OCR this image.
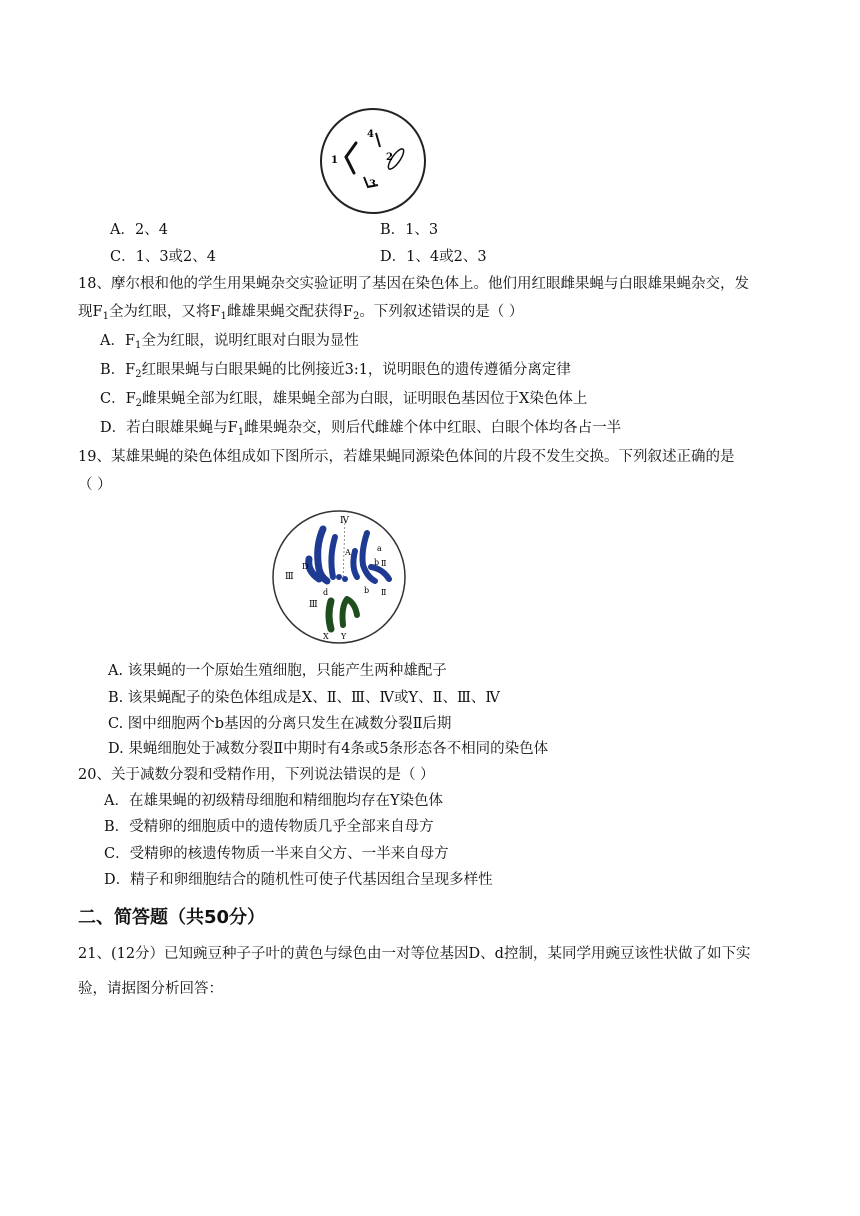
1	2
3
4
A．2、4	B．1、3
C．1、3或2、4	D．1、4或2、3
18、摩尔根和他的学生用果蝇杂交实验证明了基因在染色体上。他们用红眼雌果蝇与白眼雄果蝇杂交，发
现$F_1$全为红眼，又将$F_1$雌雄果蝇交配获得$F_2$。下列叙述错误的是（ ）
A．$F_1$全为红眼，说明红眼对白眼为显性
B．$F_2$红眼果蝇与白眼果蝇的比例接近3:1，说明眼色的遗传遵循分离定律
C．$F_2$雌果蝇全部为红眼，雄果蝇全部为白眼，证明眼色基因位于X染色体上
D．若白眼雄果蝇与$F_1$雌果蝇杂交，则后代雌雄个体中红眼、白眼个体均各占一半
19、某雄果蝇的染色体组成如下图所示，若雄果蝇同源染色体间的片段不发生交换。下列叙述正确的是
（ ）
Ⅳ
A	a
D	b Ⅱ
Ⅲ
d	b Ⅱ
Ⅲ
X Y
A. 该果蝇的一个原始生殖细胞，只能产生两种雄配子
B. 该果蝇配子的染色体组成是X、Ⅱ、Ⅲ、Ⅳ或Y、Ⅱ、Ⅲ、Ⅳ
C. 图中细胞两个b基因的分离只发生在减数分裂Ⅱ后期
D. 果蝇细胞处于减数分裂Ⅱ中期时有4条或5条形态各不相同的染色体
20、关于减数分裂和受精作用，下列说法错误的是（ ）
A．在雄果蝇的初级精母细胞和精细胞均存在Y染色体
B．受精卵的细胞质中的遗传物质几乎全部来自母方
C．受精卵的核遗传物质一半来自父方、一半来自母方
D．精子和卵细胞结合的随机性可使子代基因组合呈现多样性
二、简答题（共50分）
21、(12分）已知豌豆种子子叶的黄色与绿色由一对等位基因D、d控制，某同学用豌豆该性状做了如下实
验，请据图分析回答：
